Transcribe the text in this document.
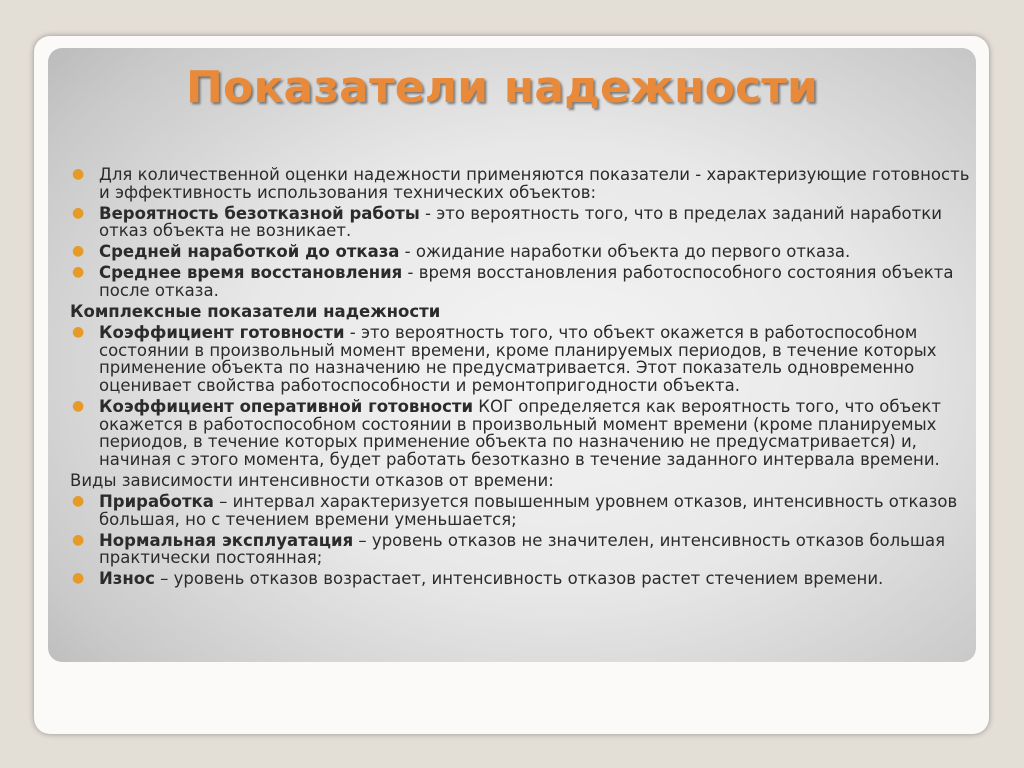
Показатели надежности
● Для количественной оценки надежности применяются показатели - характеризующие готовность и эффективность использования технических объектов:
● Вероятность безотказной работы - это вероятность того, что в пределах заданий наработки отказ объекта не возникает.
● Средней наработкой до отказа - ожидание наработки объекта до первого отказа.
● Среднее время восстановления - время восстановления работоспособного состояния объекта после отказа.
Комплексные показатели надежности
● Коэффициент готовности - это вероятность того, что объект окажется в работоспособном состоянии в произвольный момент времени, кроме планируемых периодов, в течение которых применение объекта по назначению не предусматривается. Этот показатель одновременно оценивает свойства работоспособности и ремонтопригодности объекта.
● Коэффициент оперативной готовности КОГ определяется как вероятность того, что объект окажется в работоспособном состоянии в произвольный момент времени (кроме планируемых периодов, в течение которых применение объекта по назначению не предусматривается) и, начиная с этого момента, будет работать безотказно в течение заданного интервала времени.
Виды зависимости интенсивности отказов от времени:
● Приработка – интервал характеризуется повышенным уровнем отказов, интенсивность отказов большая, но с течением времени уменьшается;
● Нормальная эксплуатация – уровень отказов не значителен, интенсивность отказов большая практически постоянная;
● Износ – уровень отказов возрастает, интенсивность отказов растет стечением времени.
